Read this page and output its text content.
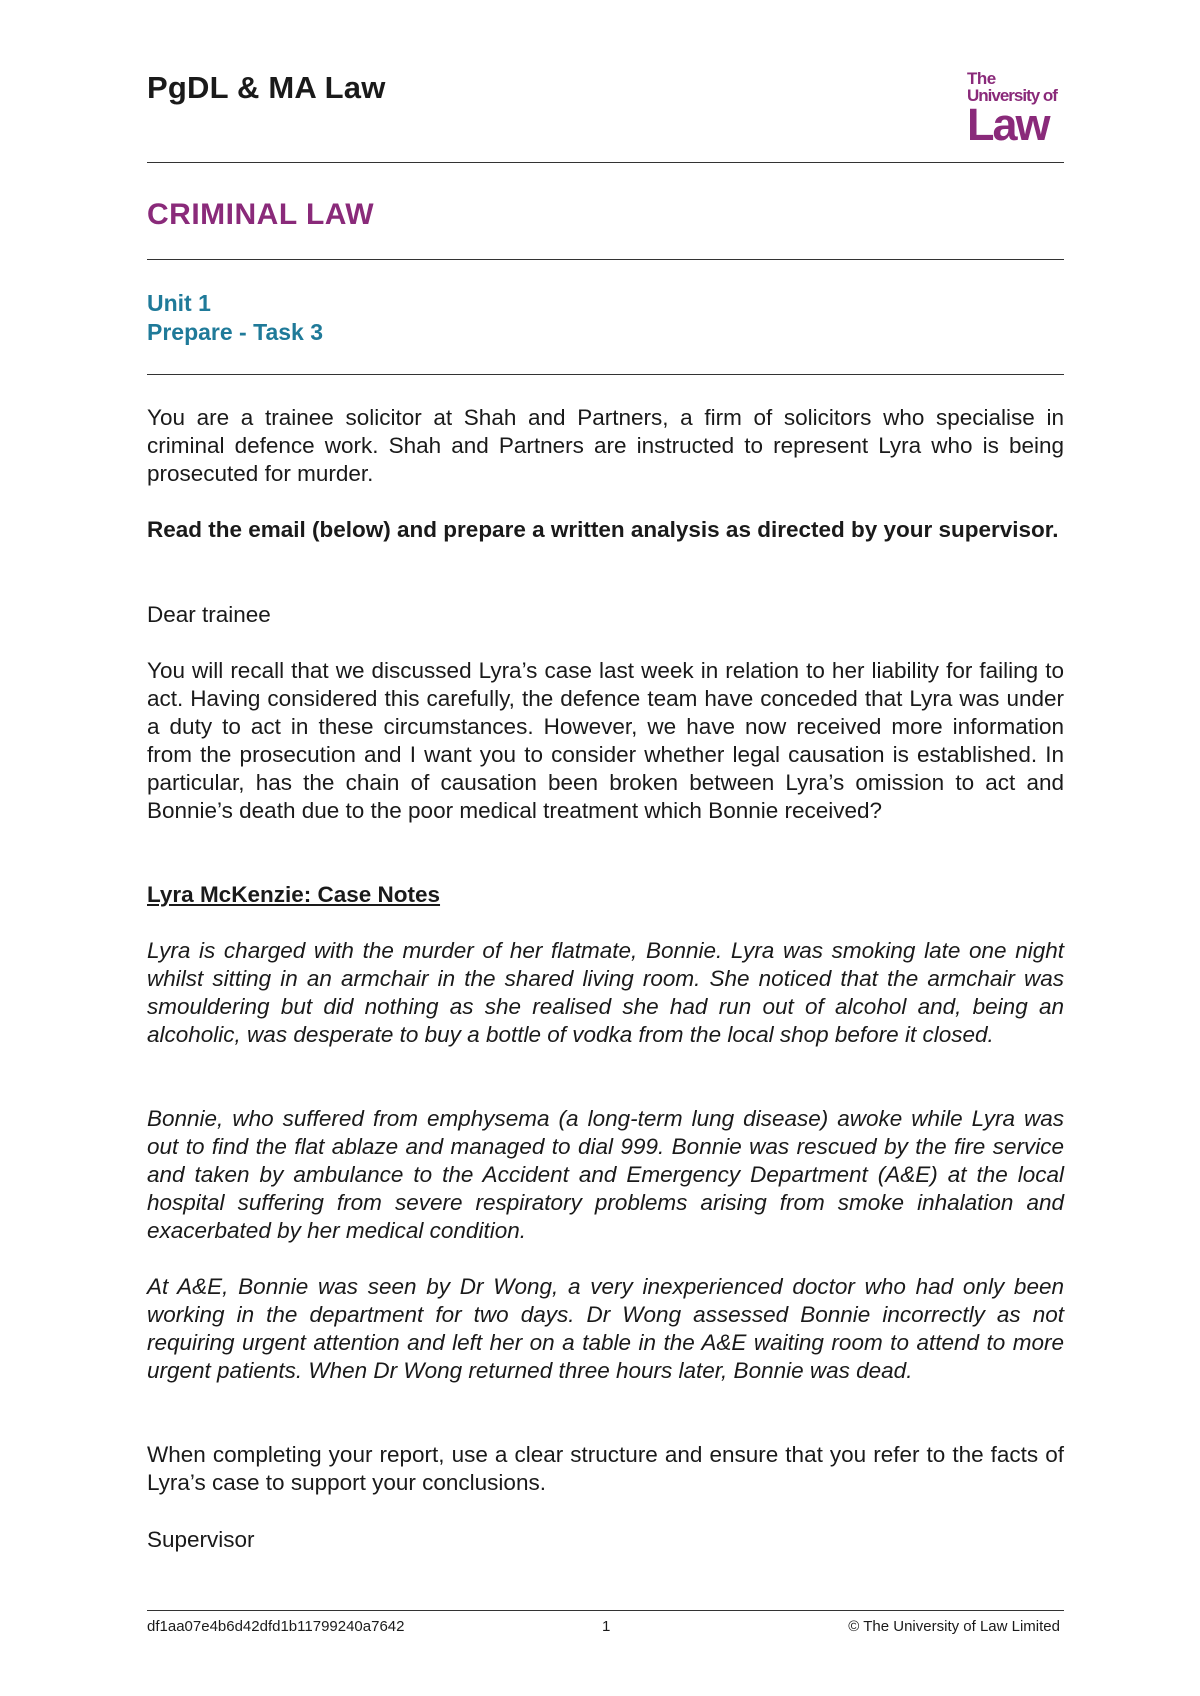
PgDL & MA Law	The
University of
Law
CRIMINAL LAW
Unit 1
Prepare - Task 3

You are a trainee solicitor at Shah and Partners, a firm of solicitors who specialise in criminal defence work. Shah and Partners are instructed to represent Lyra who is being prosecuted for murder.

Read the email (below) and prepare a written analysis as directed by your supervisor.

Dear trainee

You will recall that we discussed Lyra’s case last week in relation to her liability for failing to act. Having considered this carefully, the defence team have conceded that Lyra was under a duty to act in these circumstances. However, we have now received more information from the prosecution and I want you to consider whether legal causation is established. In particular, has the chain of causation been broken between Lyra’s omission to act and Bonnie’s death due to the poor medical treatment which Bonnie received?

Lyra McKenzie: Case Notes

Lyra is charged with the murder of her flatmate, Bonnie. Lyra was smoking late one night whilst sitting in an armchair in the shared living room. She noticed that the armchair was smouldering but did nothing as she realised she had run out of alcohol and, being an alcoholic, was desperate to buy a bottle of vodka from the local shop before it closed.

Bonnie, who suffered from emphysema (a long-term lung disease) awoke while Lyra was out to find the flat ablaze and managed to dial 999. Bonnie was rescued by the fire service and taken by ambulance to the Accident and Emergency Department (A&E) at the local hospital suffering from severe respiratory problems arising from smoke inhalation and exacerbated by her medical condition.

At A&E, Bonnie was seen by Dr Wong, a very inexperienced doctor who had only been working in the department for two days. Dr Wong assessed Bonnie incorrectly as not requiring urgent attention and left her on a table in the A&E waiting room to attend to more urgent patients. When Dr Wong returned three hours later, Bonnie was dead.

When completing your report, use a clear structure and ensure that you refer to the facts of Lyra’s case to support your conclusions.

Supervisor

df1aa07e4b6d42dfd1b11799240a7642	1	© The University of Law Limited
